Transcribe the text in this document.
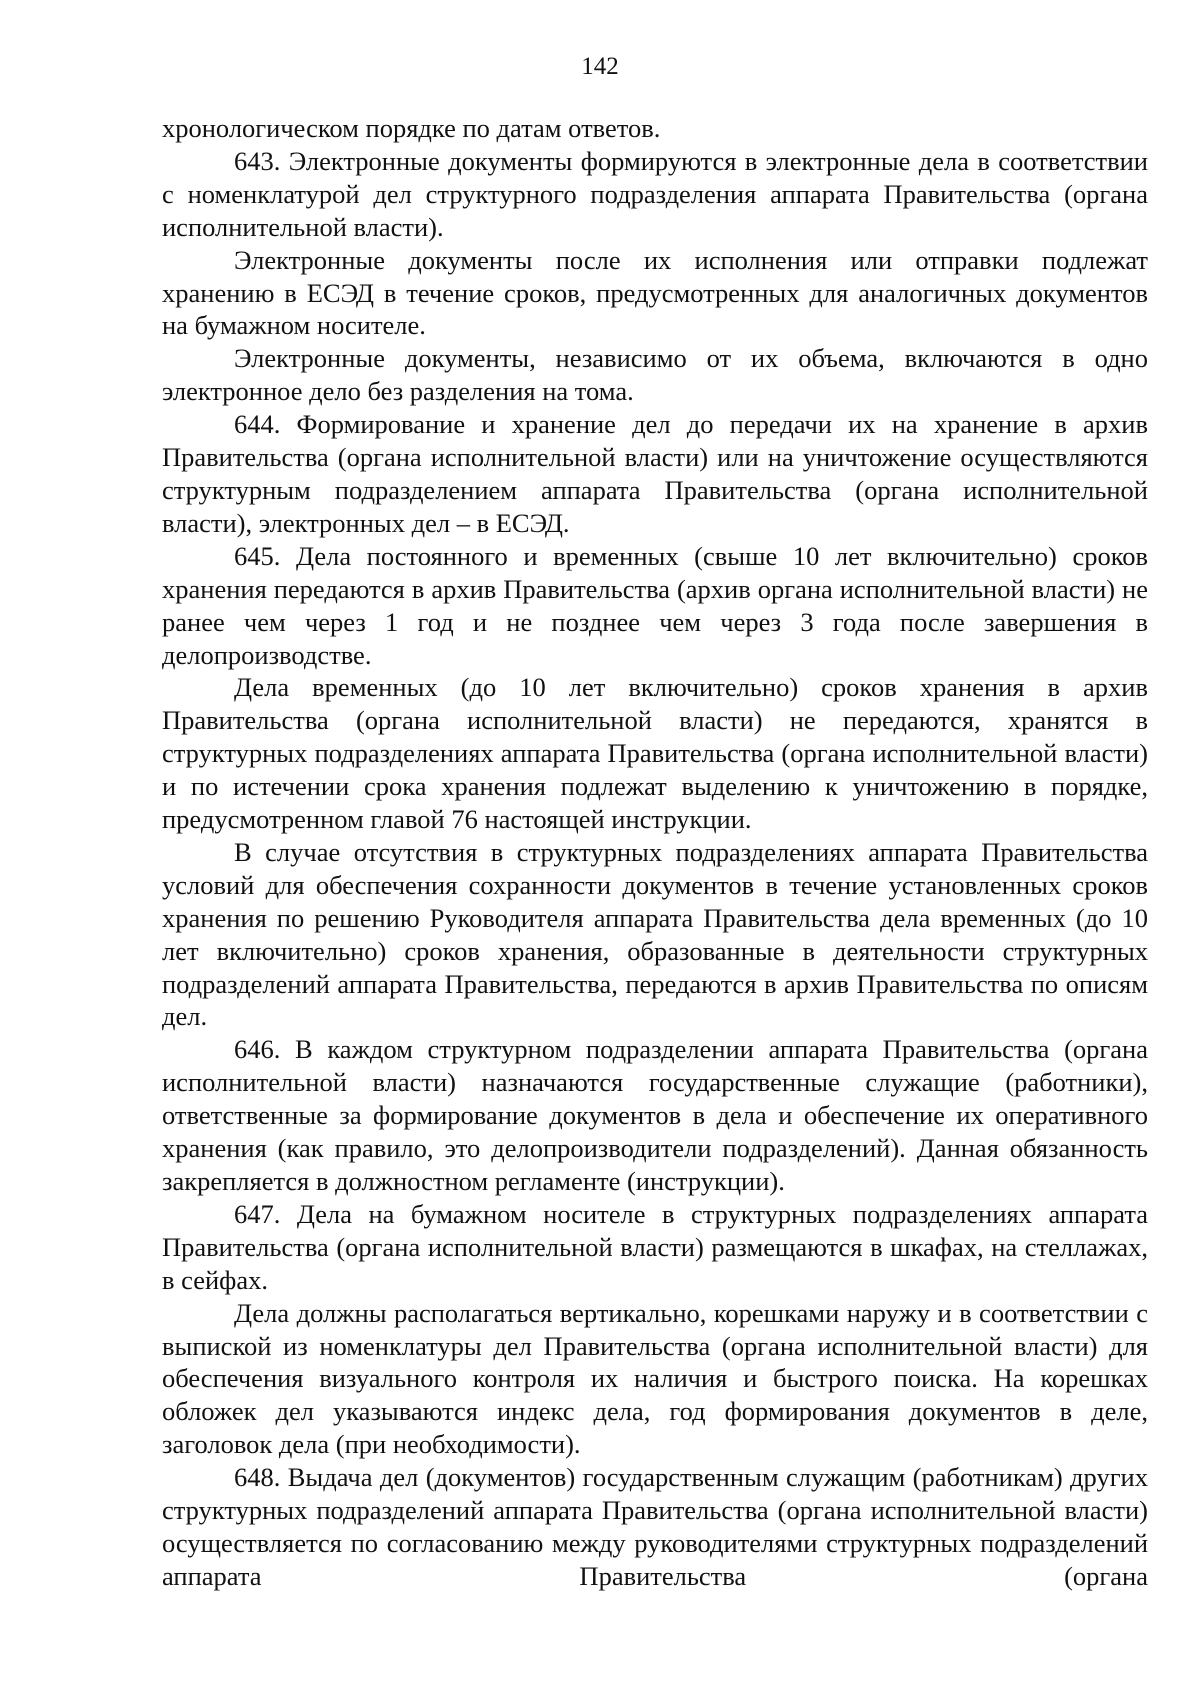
142

хронологическом порядке по датам ответов.

643. Электронные документы формируются в электронные дела в соответствии с номенклатурой дел структурного подразделения аппарата Правительства (органа исполнительной власти).

Электронные документы после их исполнения или отправки подлежат хранению в ЕСЭД в течение сроков, предусмотренных для аналогичных документов на бумажном носителе.

Электронные документы, независимо от их объема, включаются в одно электронное дело без разделения на тома.

644. Формирование и хранение дел до передачи их на хранение в архив Правительства (органа исполнительной власти) или на уничтожение осуществляются структурным подразделением аппарата Правительства (органа исполнительной власти), электронных дел – в ЕСЭД.

645. Дела постоянного и временных (свыше 10 лет включительно) сроков хранения передаются в архив Правительства (архив органа исполнительной власти) не ранее чем через 1 год и не позднее чем через 3 года после завершения в делопроизводстве.

Дела временных (до 10 лет включительно) сроков хранения в архив Правительства (органа исполнительной власти) не передаются, хранятся в структурных подразделениях аппарата Правительства (органа исполнительной власти) и по истечении срока хранения подлежат выделению к уничтожению в порядке, предусмотренном главой 76 настоящей инструкции.

В случае отсутствия в структурных подразделениях аппарата Правительства условий для обеспечения сохранности документов в течение установленных сроков хранения по решению Руководителя аппарата Правительства дела временных (до 10 лет включительно) сроков хранения, образованные в деятельности структурных подразделений аппарата Правительства, передаются в архив Правительства по описям дел.

646. В каждом структурном подразделении аппарата Правительства (органа исполнительной власти) назначаются государственные служащие (работники), ответственные за формирование документов в дела и обеспечение их оперативного хранения (как правило, это делопроизводители подразделений). Данная обязанность закрепляется в должностном регламенте (инструкции).

647. Дела на бумажном носителе в структурных подразделениях аппарата Правительства (органа исполнительной власти) размещаются в шкафах, на стеллажах, в сейфах.

Дела должны располагаться вертикально, корешками наружу и в соответствии с выпиской из номенклатуры дел Правительства (органа исполнительной власти) для обеспечения визуального контроля их наличия и быстрого поиска. На корешках обложек дел указываются индекс дела, год формирования документов в деле, заголовок дела (при необходимости).

648. Выдача дел (документов) государственным служащим (работникам) других структурных подразделений аппарата Правительства (органа исполнительной власти) осуществляется по согласованию между руководителями структурных подразделений аппарата Правительства (органа
